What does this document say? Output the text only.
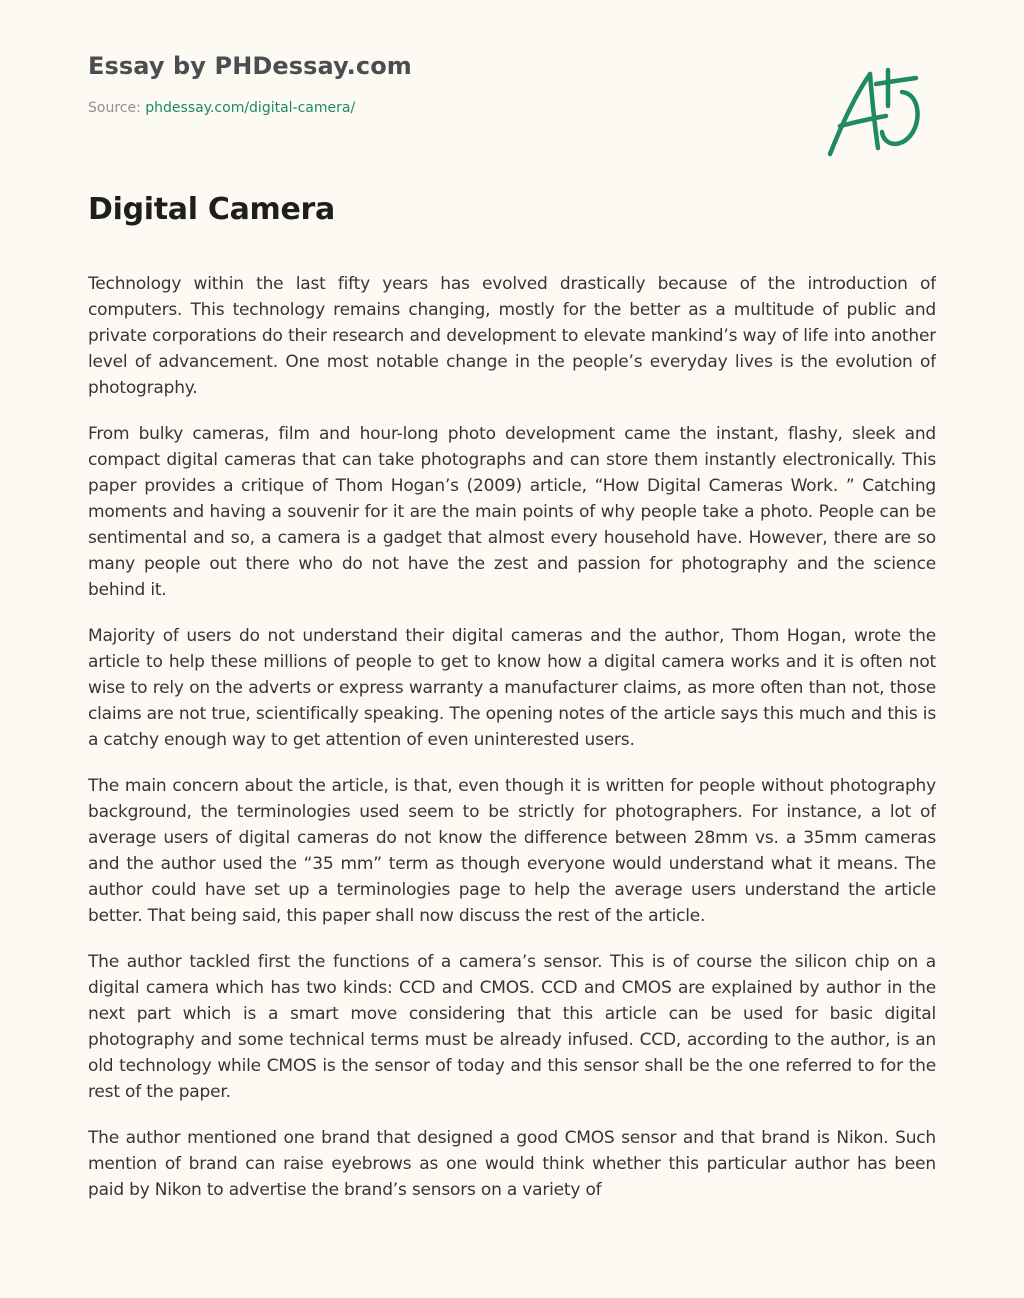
Essay by PHDessay.com
Source: phdessay.com/digital-camera/
Digital Camera

Technology within the last fifty years has evolved drastically because of the introduction of computers. This technology remains changing, mostly for the better as a multitude of public and private corporations do their research and development to elevate mankind’s way of life into another level of advancement. One most notable change in the people’s everyday lives is the evolution of photography.

From bulky cameras, film and hour-long photo development came the instant, flashy, sleek and compact digital cameras that can take photographs and can store them instantly electronically. This paper provides a critique of Thom Hogan’s (2009) article, “How Digital Cameras Work. ” Catching moments and having a souvenir for it are the main points of why people take a photo. People can be sentimental and so, a camera is a gadget that almost every household have. However, there are so many people out there who do not have the zest and passion for photography and the science behind it.

Majority of users do not understand their digital cameras and the author, Thom Hogan, wrote the article to help these millions of people to get to know how a digital camera works and it is often not wise to rely on the adverts or express warranty a manufacturer claims, as more often than not, those claims are not true, scientifically speaking. The opening notes of the article says this much and this is a catchy enough way to get attention of even uninterested users.

The main concern about the article, is that, even though it is written for people without photography background, the terminologies used seem to be strictly for photographers. For instance, a lot of average users of digital cameras do not know the difference between 28mm vs. a 35mm cameras and the author used the “35 mm” term as though everyone would understand what it means. The author could have set up a terminologies page to help the average users understand the article better. That being said, this paper shall now discuss the rest of the article.

The author tackled first the functions of a camera’s sensor. This is of course the silicon chip on a digital camera which has two kinds: CCD and CMOS. CCD and CMOS are explained by author in the next part which is a smart move considering that this article can be used for basic digital photography and some technical terms must be already infused. CCD, according to the author, is an old technology while CMOS is the sensor of today and this sensor shall be the one referred to for the rest of the paper.

The author mentioned one brand that designed a good CMOS sensor and that brand is Nikon. Such mention of brand can raise eyebrows as one would think whether this particular author has been paid by Nikon to advertise the brand’s sensors on a variety of
